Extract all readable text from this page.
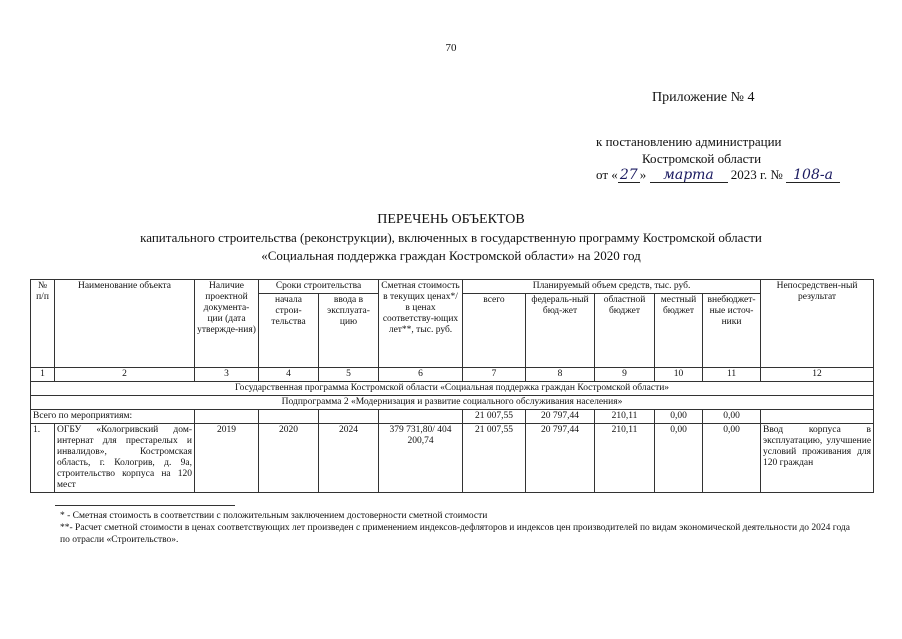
70
Приложение № 4
к постановлению администрации
Костромской области
от « 27 » марта 2023 г. № 108-а
ПЕРЕЧЕНЬ ОБЪЕКТОВ
капитального строительства (реконструкции), включенных в государственную программу Костромской области
«Социальная поддержка граждан Костромской области» на 2020 год
№ п/п	Наименование объекта	Наличие проектной документа-ции (дата утвержде-ния)	Сроки строительства		Сметная стоимость в текущих ценах*/в ценах соответству-ющих лет**, тыс. руб.	Планируемый объем средств, тыс. руб.					Непосредствен-ный результат
			начала строи-тельства	ввода в эксплуата-цию		всего	федераль-ный бюд-жет	областной бюджет	местный бюджет	внебюджет-ные источ-ники	
1	2	3	4	5	6	7	8	9	10	11	12
Государственная программа Костромской области «Социальная поддержка граждан Костромской области»											
Подпрограмма 2 «Модернизация и развитие социального обслуживания населения»											
Всего по мероприятиям:						21 007,55	20 797,44	210,11	0,00	0,00	
1.	ОГБУ «Кологривский дом-интернат для престарелых и инвалидов», Костромская область, г. Кологрив, д. 9а, строительство корпуса на 120 мест	2019	2020	2024	379 731,80/ 404 200,74	21 007,55	20 797,44	210,11	0,00	0,00	Ввод корпуса в эксплуатацию, улучшение условий проживания для 120 граждан
* - Сметная стоимость в соответствии с положительным заключением достоверности сметной стоимости
**- Расчет сметной стоимости в ценах соответствующих лет произведен с применением индексов-дефляторов и индексов цен производителей по видам экономической деятельности до 2024 года по отрасли «Строительство».
